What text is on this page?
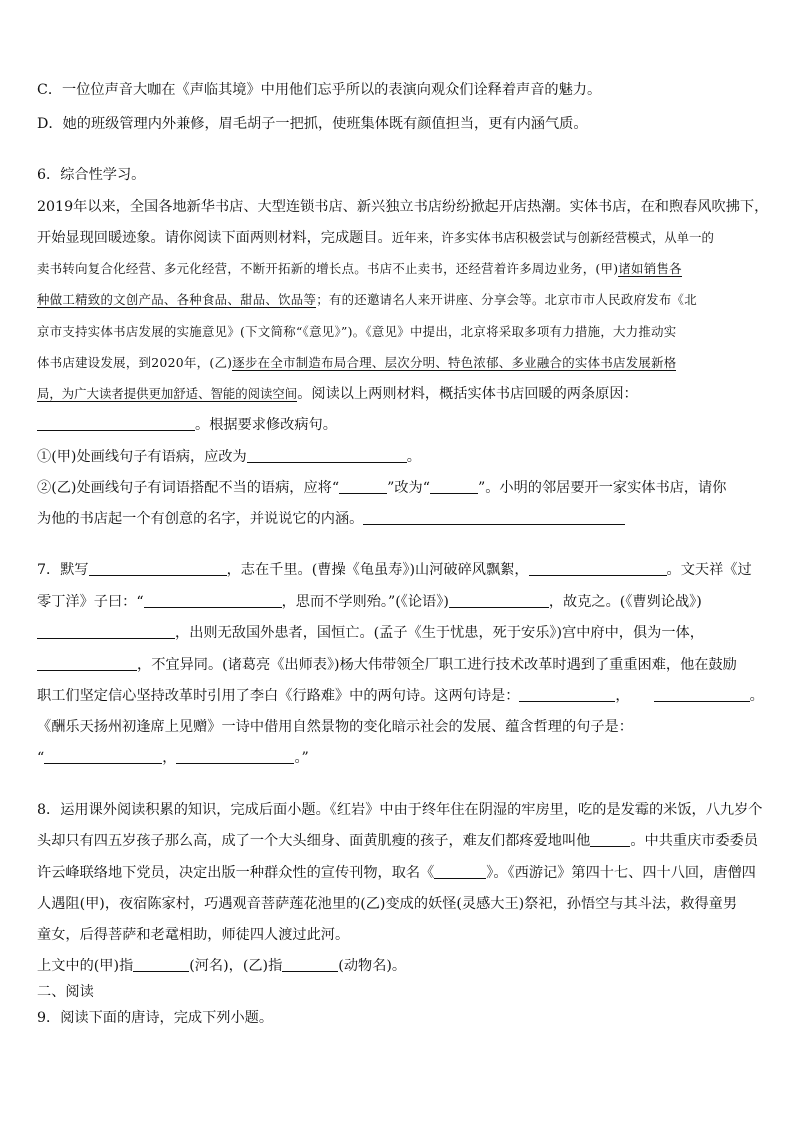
C．一位位声音大咖在《声临其境》中用他们忘乎所以的表演向观众们诠释着声音的魅力。
D．她的班级管理内外兼修，眉毛胡子一把抓，使班集体既有颜值担当，更有内涵气质。
6．综合性学习。
2019年以来，全国各地新华书店、大型连锁书店、新兴独立书店纷纷掀起开店热潮。实体书店，在和煦春风吹拂下，
开始显现回暖迹象。请你阅读下面两则材料，完成题目。近年来，许多实体书店积极尝试与创新经营模式，从单一的
卖书转向复合化经营、多元化经营，不断开拓新的增长点。书店不止卖书，还经营着许多周边业务，(甲)诸如销售各
种做工精致的文创产品、各种食品、甜品、饮品等；有的还邀请名人来开讲座、分享会等。北京市市人民政府发布《北
京市支持实体书店发展的实施意见》(下文简称“《意见》”)。《意见》中提出，北京将采取多项有力措施，大力推动实
体书店建设发展，到2020年，(乙)逐步在全市制造布局合理、层次分明、特色浓郁、多业融合的实体书店发展新格
局，为广大读者提供更加舒适、智能的阅读空间。阅读以上两则材料，概括实体书店回暖的两条原因：
。根据要求修改病句。
①(甲)处画线句子有语病，应改为	。
②(乙)处画线句子有词语搭配不当的语病，应将“	”改为“	”。小明的邻居要开一家实体书店，请你
为他的书店起一个有创意的名字，并说说它的内涵。
7．默写	，志在千里。(曹操《龟虽寿》)山河破碎风飘絮，	。文天祥《过
零丁洋》子曰：“	，思而不学则殆。”(《论语》)	，故克之。(《曹刿论战》)
，出则无敌国外患者，国恒亡。(孟子《生于忧患，死于安乐》)宫中府中，俱为一体，
，不宜异同。(诸葛亮《出师表》)杨大伟带领全厂职工进行技术改革时遇到了重重困难，他在鼓励
职工们坚定信心坚持改革时引用了李白《行路难》中的两句诗。这两句诗是：	，	。
《酬乐天扬州初逢席上见赠》一诗中借用自然景物的变化暗示社会的发展、蕴含哲理的句子是：
“	，	。”
8．运用课外阅读积累的知识，完成后面小题。《红岩》中由于终年住在阴湿的牢房里，吃的是发霉的米饭，八九岁个
头却只有四五岁孩子那么高，成了一个大头细身、面黄肌瘦的孩子，难友们都疼爱地叫他	。中共重庆市委委员
许云峰联络地下党员，决定出版一种群众性的宣传刊物，取名《	》。《西游记》第四十七、四十八回，唐僧四
人遇阻(甲)，夜宿陈家村，巧遇观音菩萨莲花池里的(乙)变成的妖怪(灵感大王)祭祀，孙悟空与其斗法，救得童男
童女，后得菩萨和老鼋相助，师徒四人渡过此河。
上文中的(甲)指	(河名)，(乙)指	(动物名)。
二、阅读
9．阅读下面的唐诗，完成下列小题。
